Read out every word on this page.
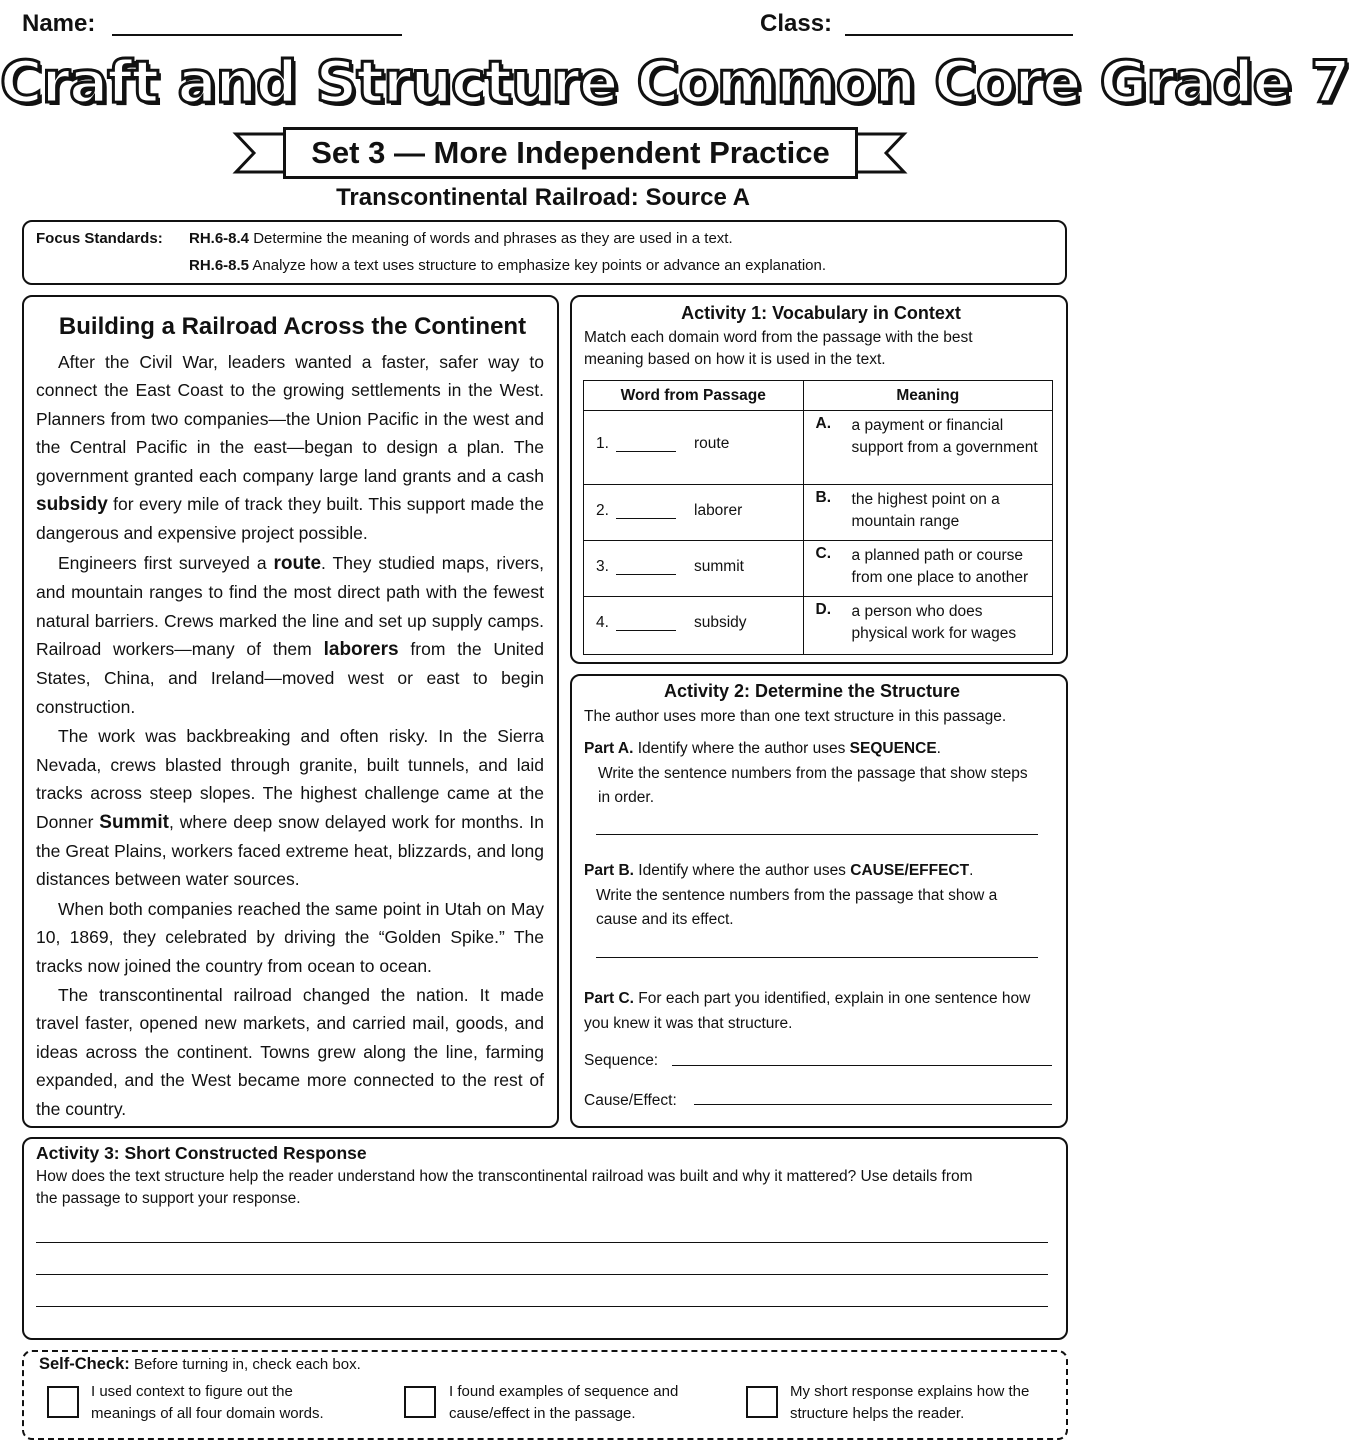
Name:	Class:
Craft and Structure Common Core Grade 7
Set 3 — More Independent Practice
Transcontinental Railroad: Source A
Focus Standards: RH.6-8.4 Determine the meaning of words and phrases as they are used in a text.
RH.6-8.5 Analyze how a text uses structure to emphasize key points or advance an explanation.
Building a Railroad Across the Continent

After the Civil War, leaders wanted a faster, safer way to connect the East Coast to the growing settlements in the West. Planners from two companies—the Union Pacific in the west and the Central Pacific in the east—began to design a plan. The government granted each company large land grants and a cash subsidy for every mile of track they built. This support made the dangerous and expensive project possible.

Engineers first surveyed a route. They studied maps, rivers, and mountain ranges to find the most direct path with the fewest natural barriers. Crews marked the line and set up supply camps. Railroad workers—many of them laborers from the United States, China, and Ireland—moved west or east to begin construction.

The work was backbreaking and often risky. In the Sierra Nevada, crews blasted through granite, built tunnels, and laid tracks across steep slopes. The highest challenge came at the Donner Summit, where deep snow delayed work for months. In the Great Plains, workers faced extreme heat, blizzards, and long distances between water sources.

When both companies reached the same point in Utah on May 10, 1869, they celebrated by driving the “Golden Spike.” The tracks now joined the country from ocean to ocean.

The transcontinental railroad changed the nation. It made travel faster, opened new markets, and carried mail, goods, and ideas across the continent. Towns grew along the line, farming expanded, and the West became more connected to the rest of the country.

Activity 1: Vocabulary in Context
Match each domain word from the passage with the best meaning based on how it is used in the text.
Word from Passage	Meaning

1. route	A. a payment or financial support from a government

2. laborer	B. the highest point on a mountain range

3. summit	C. a planned path or course from one place to another

4. subsidy	D. a person who does physical work for wages
Activity 2: Determine the Structure
The author uses more than one text structure in this passage.
Part A. Identify where the author uses SEQUENCE.
Write the sentence numbers from the passage that show steps in order.
Part B. Identify where the author uses CAUSE/EFFECT.
Write the sentence numbers from the passage that show a cause and its effect.
Part C. For each part you identified, explain in one sentence how you knew it was that structure.
Sequence:
Cause/Effect:
Activity 3: Short Constructed Response
How does the text structure help the reader understand how the transcontinental railroad was built and why it mattered? Use details from the passage to support your response.
Self-Check: Before turning in, check each box.
I used context to figure out the meanings of all four domain words.
I found examples of sequence and cause/effect in the passage.
My short response explains how the structure helps the reader.
